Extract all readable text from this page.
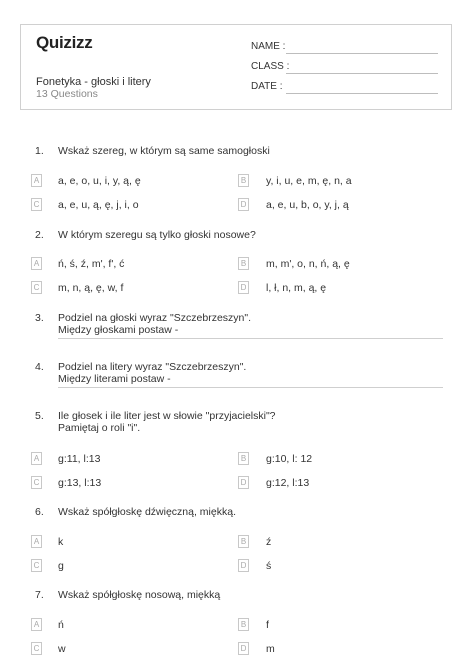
Quizizz
Fonetyka - głoski i litery
13 Questions
NAME :
CLASS :
DATE :
1. Wskaż szereg, w którym są same samogłoski
A a, e, o, u, i, y, ą, ę	B y, i, u, e, m, ę, n, a
C a, e, u, ą, ę, j, i, o	D a, e, u, b, o, y, j, ą
2. W którym szeregu są tylko głoski nosowe?
A ń, ś, ź, m', f', ć	B m, m', o, n, ń, ą, ę
C m, n, ą, ę, w, f	D l, ł, n, m, ą, ę
3. Podziel na głoski wyraz "Szczebrzeszyn".
Między głoskami postaw -
4. Podziel na litery wyraz "Szczebrzeszyn".
Między literami postaw -
5. Ile głosek i ile liter jest w słowie "przyjacielski"?
Pamiętaj o roli "i".
A g:11, l:13	B g:10, l: 12
C g:13, l:13	D g:12, l:13
6. Wskaż spółgłoskę dźwięczną, miękką.
A k	B ź
C g	D ś
7. Wskaż spółgłoskę nosową, miękką
A ń	B f
C w	D m
